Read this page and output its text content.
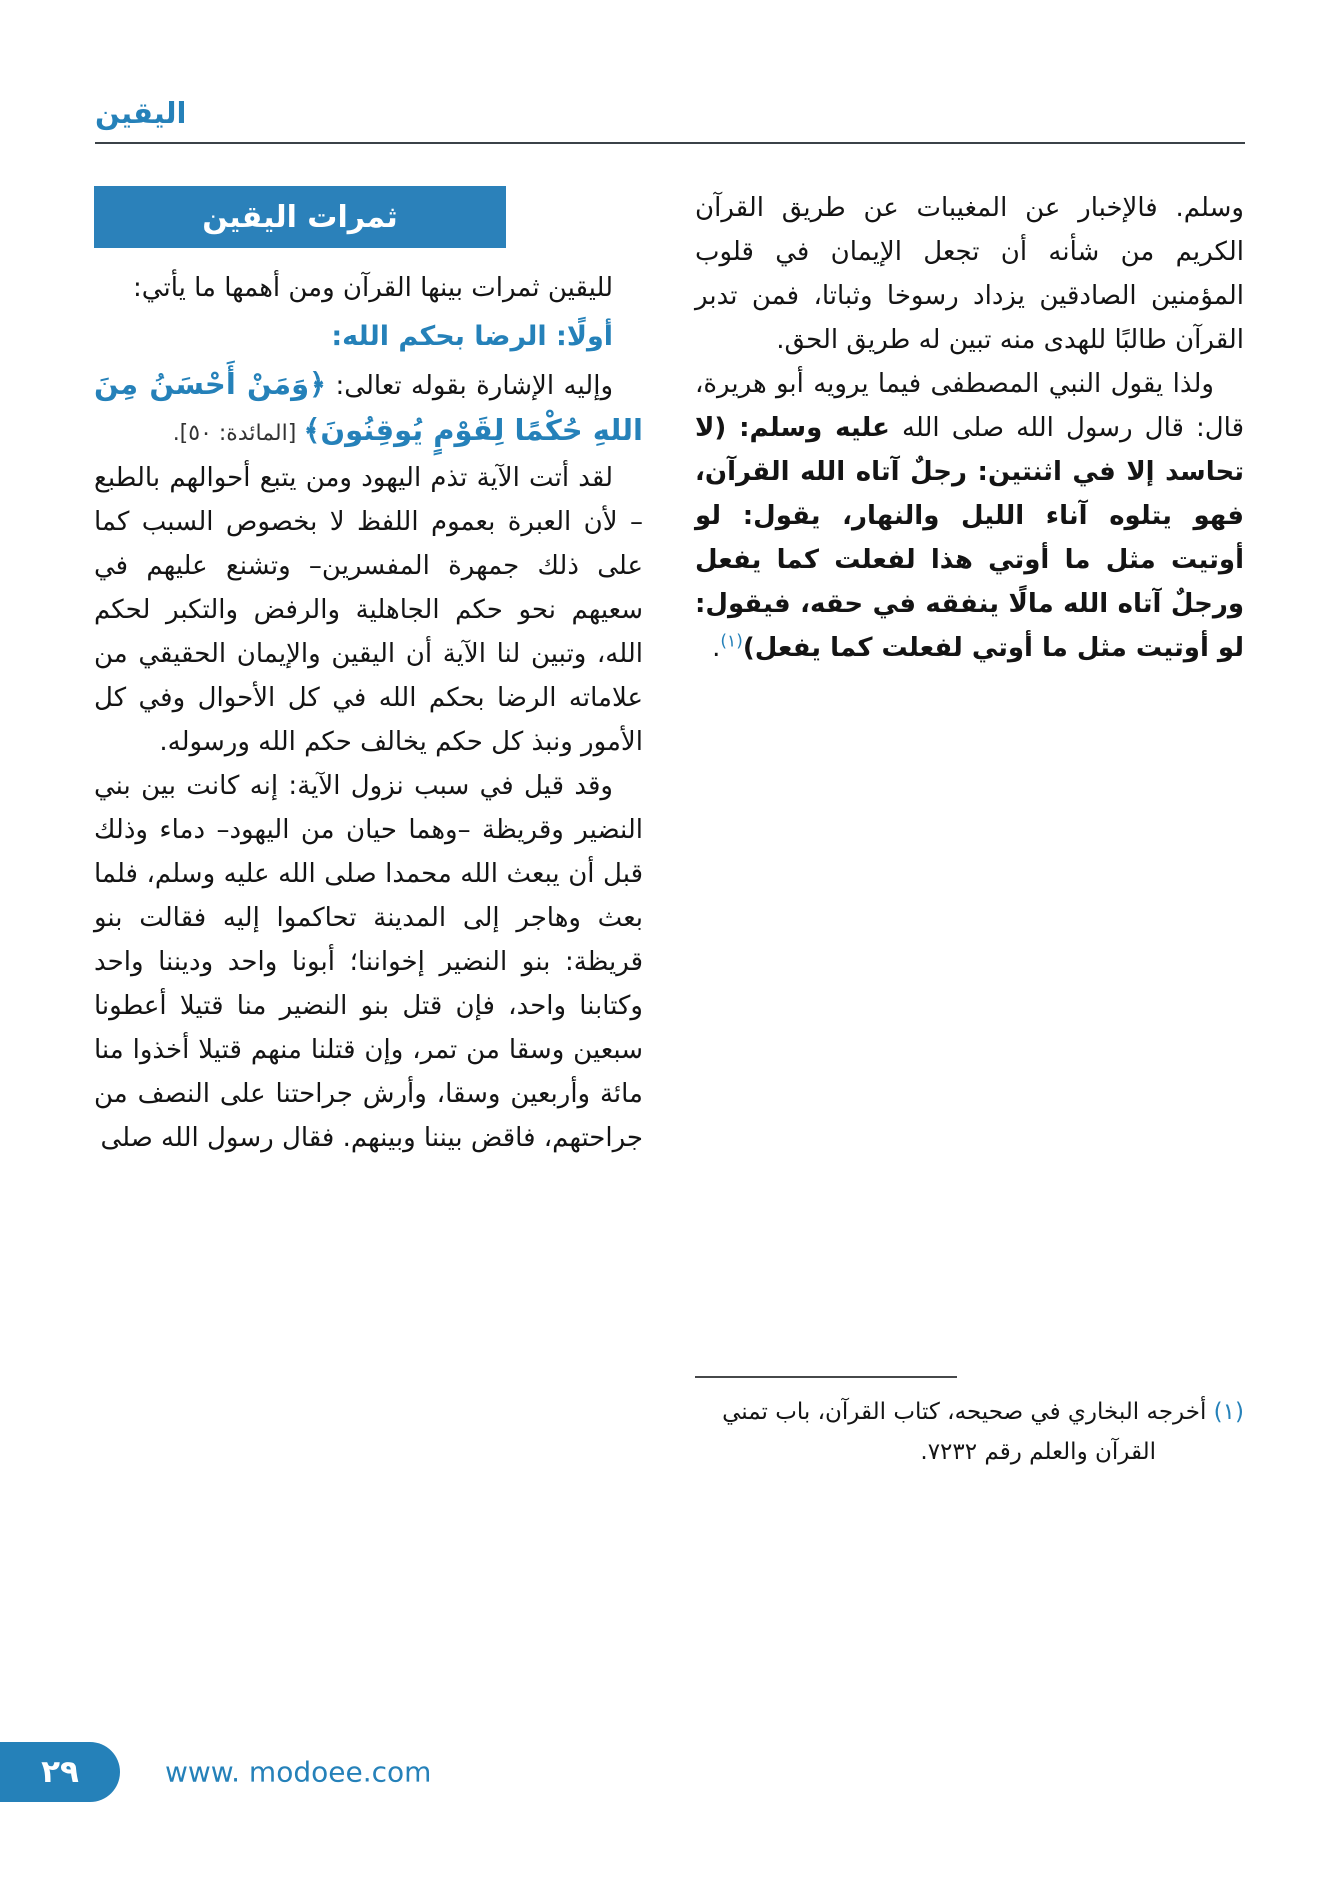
اليقين

وسلم. فالإخبار عن المغيبات عن طريق القرآن الكريم من شأنه أن تجعل الإيمان في قلوب المؤمنين الصادقين يزداد رسوخا وثباتا، فمن تدبر القرآن طالبًا للهدى منه تبين له طريق الحق.

ولذا يقول النبي المصطفى فيما يرويه أبو هريرة، قال: قال رسول الله صلى الله عليه وسلم: (لا تحاسد إلا في اثنتين: رجلٌ آتاه الله القرآن، فهو يتلوه آناء الليل والنهار، يقول: لو أوتيت مثل ما أوتي هذا لفعلت كما يفعل ورجلٌ آتاه الله مالًا ينفقه في حقه، فيقول: لو أوتيت مثل ما أوتي لفعلت كما يفعل)$^{(١)}$.

(١) أخرجه البخاري في صحيحه، كتاب القرآن، باب تمني القرآن والعلم رقم ٧٢٣٢.

ثمرات اليقين

لليقين ثمرات بينها القرآن ومن أهمها ما يأتي:

أولًا: الرضا بحكم الله:

وإليه الإشارة بقوله تعالى: ﴿وَمَنْ أَحْسَنُ مِنَ اللهِ حُكْمًا لِقَوْمٍ يُوقِنُونَ﴾ [المائدة: ٥٠].

لقد أتت الآية تذم اليهود ومن يتبع أحوالهم بالطبع – لأن العبرة بعموم اللفظ لا بخصوص السبب كما على ذلك جمهرة المفسرين– وتشنع عليهم في سعيهم نحو حكم الجاهلية والرفض والتكبر لحكم الله، وتبين لنا الآية أن اليقين والإيمان الحقيقي من علاماته الرضا بحكم الله في كل الأحوال وفي كل الأمور ونبذ كل حكم يخالف حكم الله ورسوله.

وقد قيل في سبب نزول الآية: إنه كانت بين بني النضير وقريظة –وهما حيان من اليهود– دماء وذلك قبل أن يبعث الله محمدا صلى الله عليه وسلم، فلما بعث وهاجر إلى المدينة تحاكموا إليه فقالت بنو قريظة: بنو النضير إخواننا؛ أبونا واحد وديننا واحد وكتابنا واحد، فإن قتل بنو النضير منا قتيلا أعطونا سبعين وسقا من تمر، وإن قتلنا منهم قتيلا أخذوا منا مائة وأربعين وسقا، وأرش جراحتنا على النصف من جراحتهم، فاقض بيننا وبينهم. فقال رسول الله صلى

٢٩	www. modoee.com
